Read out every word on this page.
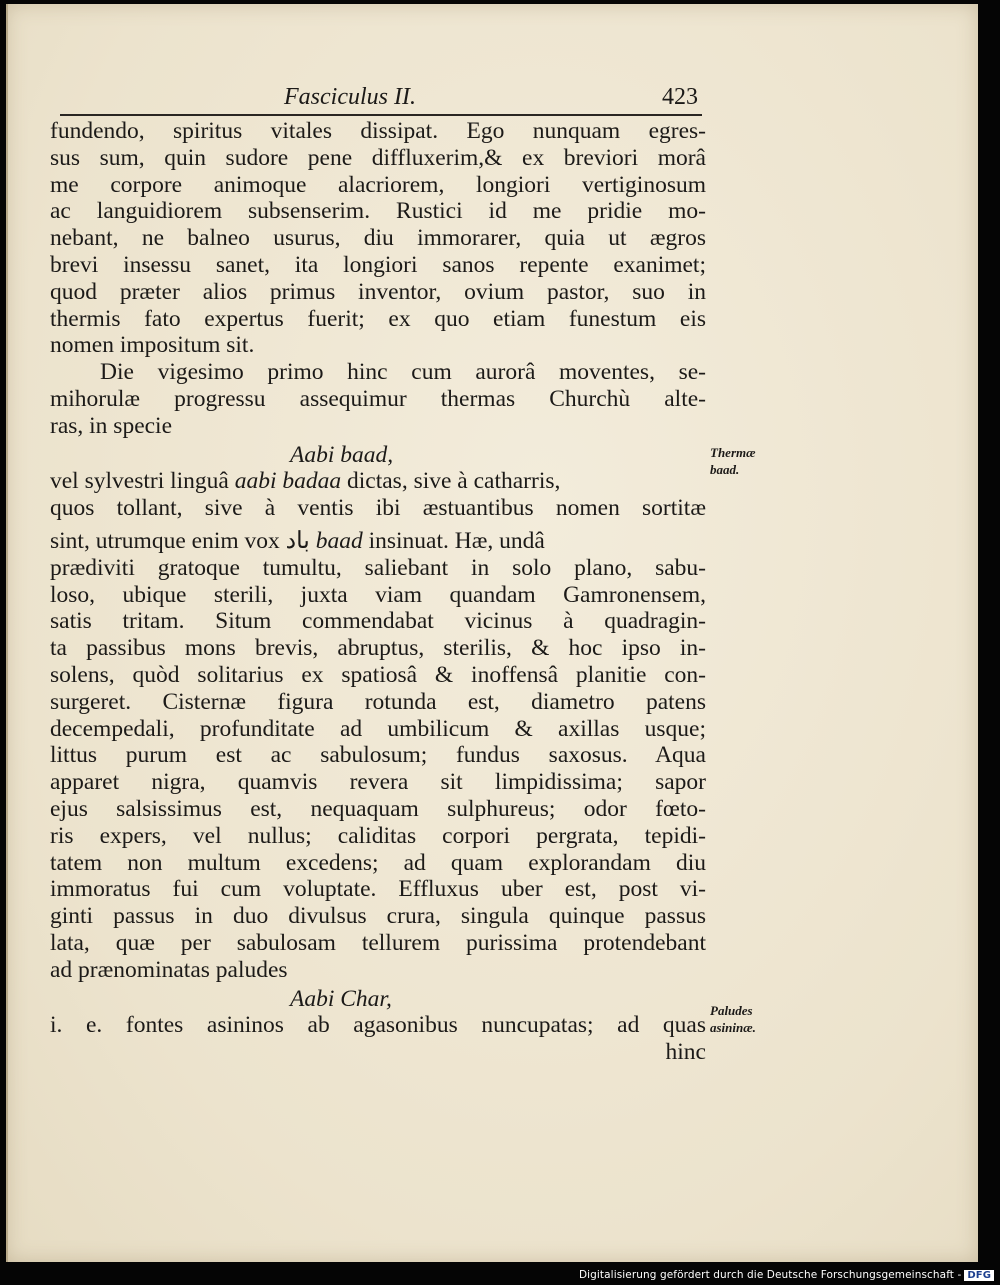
Fasciculus II.	423
fundendo, spiritus vitales dissipat. Ego nunquam egres-
sus sum, quin sudore pene diffluxerim,& ex breviori morâ
me corpore animoque alacriorem, longiori vertiginosum
ac languidiorem subsenserim. Rustici id me pridie mo-
nebant, ne balneo usurus, diu immorarer, quia ut ægros
brevi insessu sanet, ita longiori sanos repente exanimet;
quod præter alios primus inventor, ovium pastor, suo in
thermis fato expertus fuerit; ex quo etiam funestum eis
nomen impositum sit.
Die vigesimo primo hinc cum aurorâ moventes, se-
mihorulæ progressu assequimur thermas Churchù alte-
ras, in specie
Aabi baad,
vel sylvestri linguâ aabi badaa dictas, sive à catharris,
quos tollant, sive à ventis ibi æstuantibus nomen sortitæ
sint, utrumque enim vox باد baad insinuat. Hæ, undâ
prædiviti gratoque tumultu, saliebant in solo plano, sabu-
loso, ubique sterili, juxta viam quandam Gamronensem,
satis tritam. Situm commendabat vicinus à quadragin-
ta passibus mons brevis, abruptus, sterilis, & hoc ipso in-
solens, quòd solitarius ex spatiosâ & inoffensâ planitie con-
surgeret. Cisternæ figura rotunda est, diametro patens
decempedali, profunditate ad umbilicum & axillas usque;
littus purum est ac sabulosum; fundus saxosus. Aqua
apparet nigra, quamvis revera sit limpidissima; sapor
ejus salsissimus est, nequaquam sulphureus; odor fœto-
ris expers, vel nullus; caliditas corpori pergrata, tepidi-
tatem non multum excedens; ad quam explorandam diu
immoratus fui cum voluptate. Effluxus uber est, post vi-
ginti passus in duo divulsus crura, singula quinque passus
lata, quæ per sabulosam tellurem purissima protendebant
ad prænominatas paludes
Aabi Char,
i. e. fontes asininos ab agasonibus nuncupatas; ad quas
hinc
Thermæ
baad.
Paludes
asininæ.
Digitalisierung gefördert durch die Deutsche Forschungsgemeinschaft - DFG
